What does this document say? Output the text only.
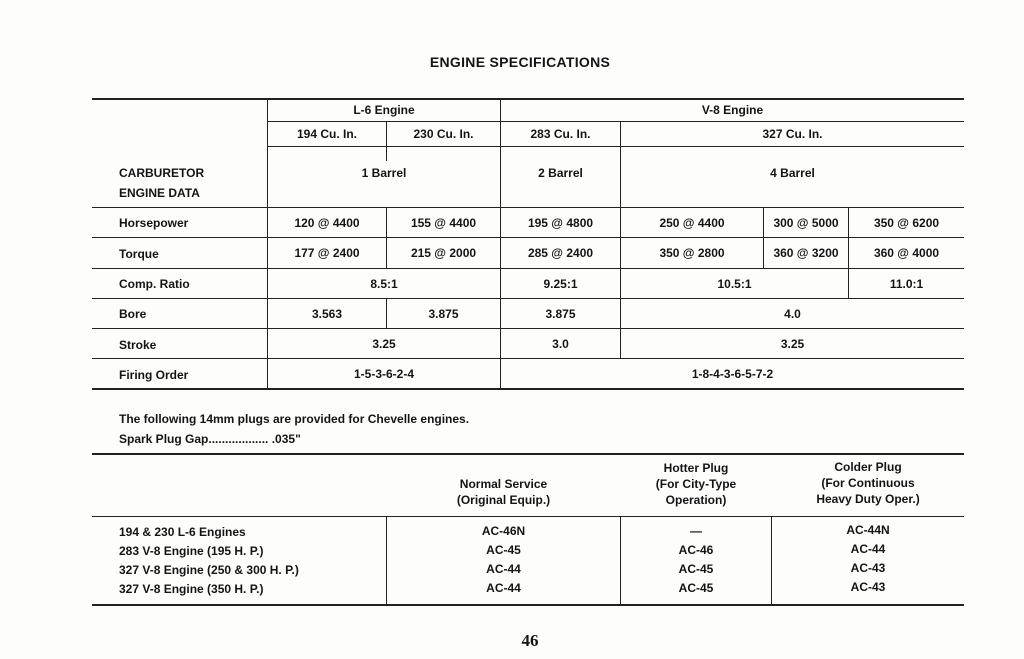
ENGINE SPECIFICATIONS
L-6 Engine	V-8 Engine
194 Cu. In.	230 Cu. In.	283 Cu. In.	327 Cu. In.
CARBURETOR
ENGINE DATA
1 Barrel	2 Barrel	4 Barrel
Horsepower	120 @ 4400	155 @ 4400	195 @ 4800	250 @ 4400	300 @ 5000	350 @ 6200
Torque	177 @ 2400	215 @ 2000	285 @ 2400	350 @ 2800	360 @ 3200	360 @ 4000
Comp. Ratio	8.5:1	9.25:1	10.5:1	11.0:1
Bore	3.563	3.875	3.875	4.0
Stroke	3.25	3.0	3.25
Firing Order	1-5-3-6-2-4	1-8-4-3-6-5-7-2
The following 14mm plugs are provided for Chevelle engines.
Spark Plug Gap.................. .035"
Normal Service
(Original Equip.)
Hotter Plug
(For City-Type
Operation)
Colder Plug
(For Continuous
Heavy Duty Oper.)
194 & 230 L-6 Engines	AC-46N	—	AC-44N
283 V-8 Engine (195 H. P.)	AC-45	AC-46	AC-44
327 V-8 Engine (250 & 300 H. P.)	AC-44	AC-45	AC-43
327 V-8 Engine (350 H. P.)	AC-44	AC-45	AC-43
46
